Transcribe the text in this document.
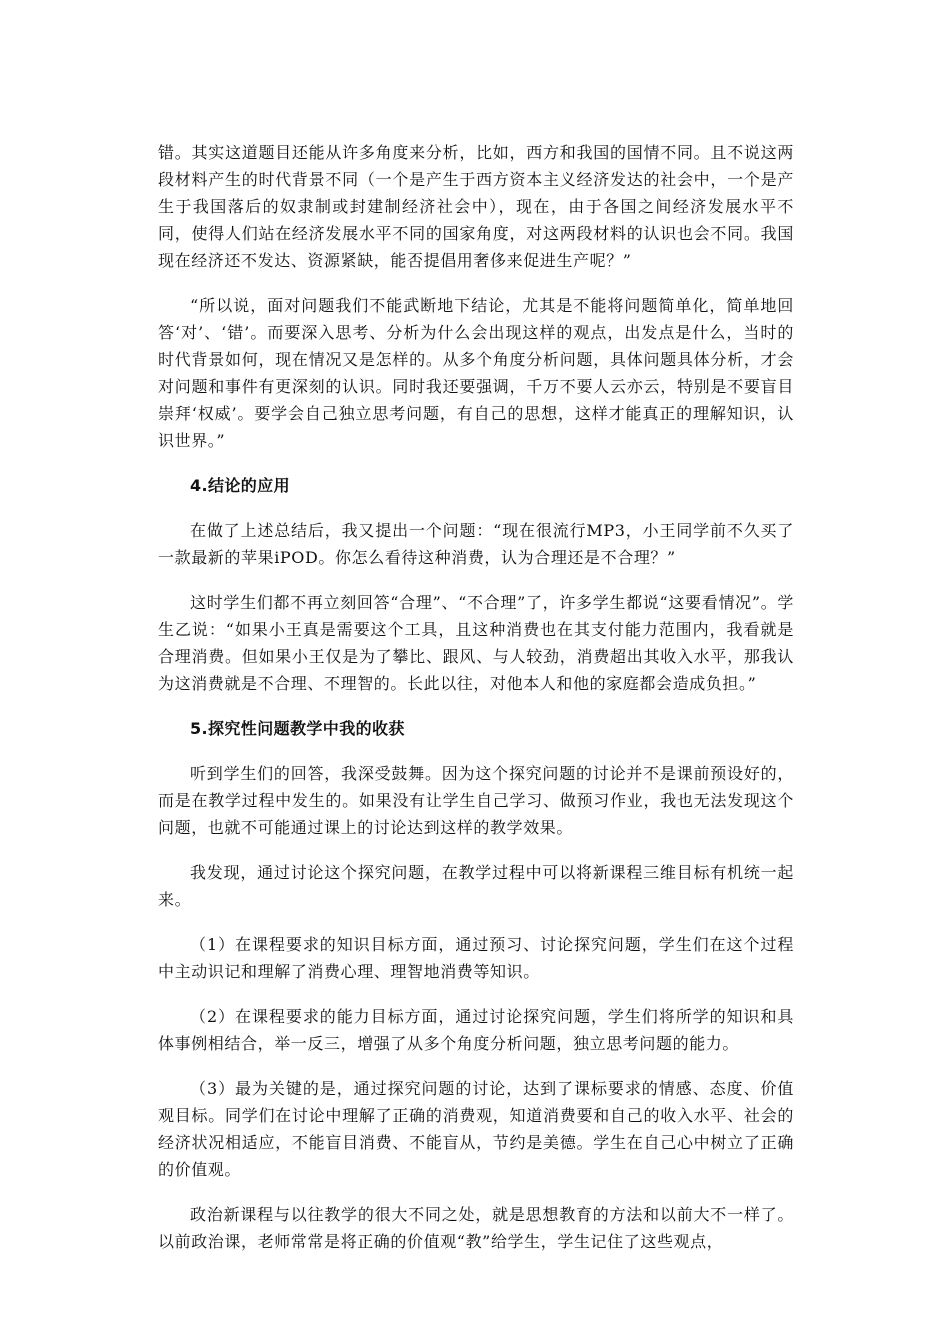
错。其实这道题目还能从许多角度来分析，比如，西方和我国的国情不同。且不说这两段材料产生的时代背景不同（一个是产生于西方资本主义经济发达的社会中，一个是产生于我国落后的奴隶制或封建制经济社会中），现在，由于各国之间经济发展水平不同，使得人们站在经济发展水平不同的国家角度，对这两段材料的认识也会不同。我国现在经济还不发达、资源紧缺，能否提倡用奢侈来促进生产呢？”

“所以说，面对问题我们不能武断地下结论，尤其是不能将问题简单化，简单地回答‘对’、‘错’。而要深入思考、分析为什么会出现这样的观点，出发点是什么，当时的时代背景如何，现在情况又是怎样的。从多个角度分析问题，具体问题具体分析，才会对问题和事件有更深刻的认识。同时我还要强调，千万不要人云亦云，特别是不要盲目崇拜‘权威’。要学会自己独立思考问题，有自己的思想，这样才能真正的理解知识，认识世界。”

4.结论的应用

在做了上述总结后，我又提出一个问题：“现在很流行MP3，小王同学前不久买了一款最新的苹果iPOD。你怎么看待这种消费，认为合理还是不合理？”

这时学生们都不再立刻回答“合理”、“不合理”了，许多学生都说“这要看情况”。学生乙说：“如果小王真是需要这个工具，且这种消费也在其支付能力范围内，我看就是合理消费。但如果小王仅是为了攀比、跟风、与人较劲，消费超出其收入水平，那我认为这消费就是不合理、不理智的。长此以往，对他本人和他的家庭都会造成负担。”

5.探究性问题教学中我的收获

听到学生们的回答，我深受鼓舞。因为这个探究问题的讨论并不是课前预设好的，而是在教学过程中发生的。如果没有让学生自己学习、做预习作业，我也无法发现这个问题，也就不可能通过课上的讨论达到这样的教学效果。

我发现，通过讨论这个探究问题，在教学过程中可以将新课程三维目标有机统一起来。

（1）在课程要求的知识目标方面，通过预习、讨论探究问题，学生们在这个过程中主动识记和理解了消费心理、理智地消费等知识。

（2）在课程要求的能力目标方面，通过讨论探究问题，学生们将所学的知识和具体事例相结合，举一反三，增强了从多个角度分析问题，独立思考问题的能力。

（3）最为关键的是，通过探究问题的讨论，达到了课标要求的情感、态度、价值观目标。同学们在讨论中理解了正确的消费观，知道消费要和自己的收入水平、社会的经济状况相适应，不能盲目消费、不能盲从，节约是美德。学生在自己心中树立了正确的价值观。

政治新课程与以往教学的很大不同之处，就是思想教育的方法和以前大不一样了。以前政治课，老师常常是将正确的价值观“教”给学生，学生记住了这些观点，
